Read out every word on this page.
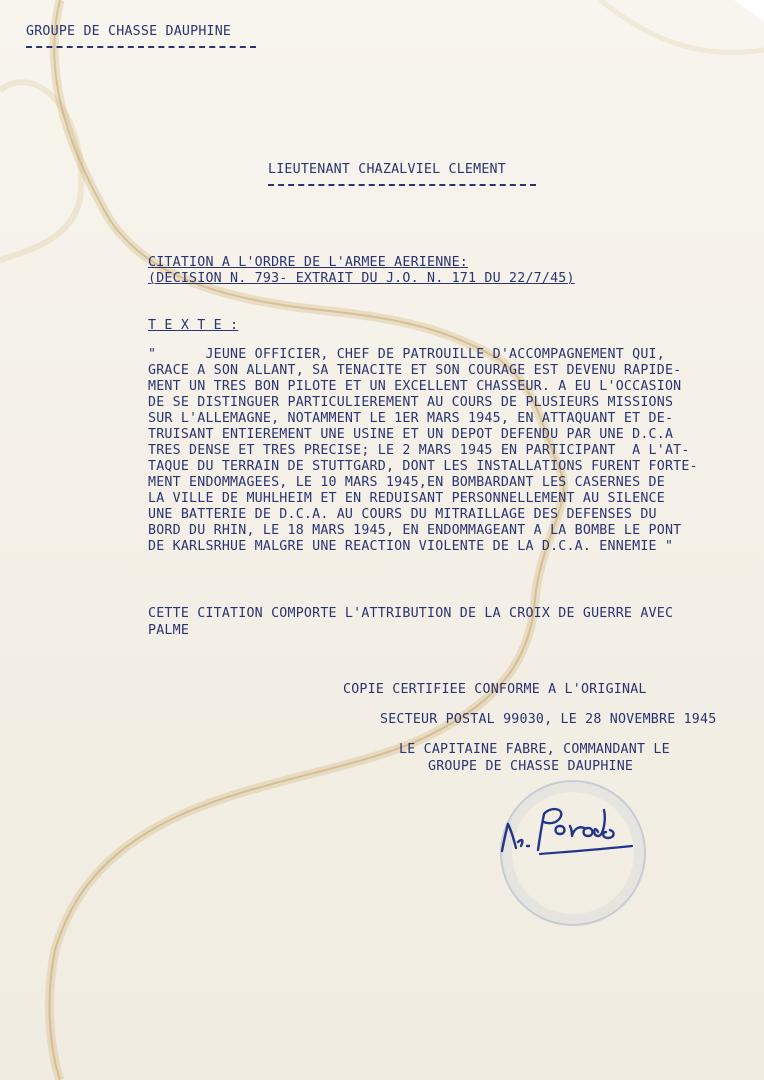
GROUPE DE CHASSE DAUPHINE

LIEUTENANT CHAZALVIEL CLEMENT

CITATION A L'ORDRE DE L'ARMEE AERIENNE:

(DECISION N. 793- EXTRAIT DU J.O. N. 171 DU 22/7/45)

T E X T E :

"      JEUNE OFFICIER, CHEF DE PATROUILLE D'ACCOMPAGNEMENT QUI,

GRACE A SON ALLANT, SA TENACITE ET SON COURAGE EST DEVENU RAPIDE-

MENT UN TRES BON PILOTE ET UN EXCELLENT CHASSEUR. A EU L'OCCASION

DE SE DISTINGUER PARTICULIEREMENT AU COURS DE PLUSIEURS MISSIONS

SUR L'ALLEMAGNE, NOTAMMENT LE 1ER MARS 1945, EN ATTAQUANT ET DE-

TRUISANT ENTIEREMENT UNE USINE ET UN DEPOT DEFENDU PAR UNE D.C.A

TRES DENSE ET TRES PRECISE; LE 2 MARS 1945 EN PARTICIPANT  A L'AT-

TAQUE DU TERRAIN DE STUTTGARD, DONT LES INSTALLATIONS FURENT FORTE-

MENT ENDOMMAGEES, LE 10 MARS 1945,EN BOMBARDANT LES CASERNES DE

LA VILLE DE MUHLHEIM ET EN REDUISANT PERSONNELLEMENT AU SILENCE

UNE BATTERIE DE D.C.A. AU COURS DU MITRAILLAGE DES DEFENSES DU

BORD DU RHIN, LE 18 MARS 1945, EN ENDOMMAGEANT A LA BOMBE LE PONT

DE KARLSRHUE MALGRE UNE REACTION VIOLENTE DE LA D.C.A. ENNEMIE "

CETTE CITATION COMPORTE L'ATTRIBUTION DE LA CROIX DE GUERRE AVEC

PALME

COPIE CERTIFIEE CONFORME A L'ORIGINAL

SECTEUR POSTAL 99030, LE 28 NOVEMBRE 1945

LE CAPITAINE FABRE, COMMANDANT LE

GROUPE DE CHASSE DAUPHINE
